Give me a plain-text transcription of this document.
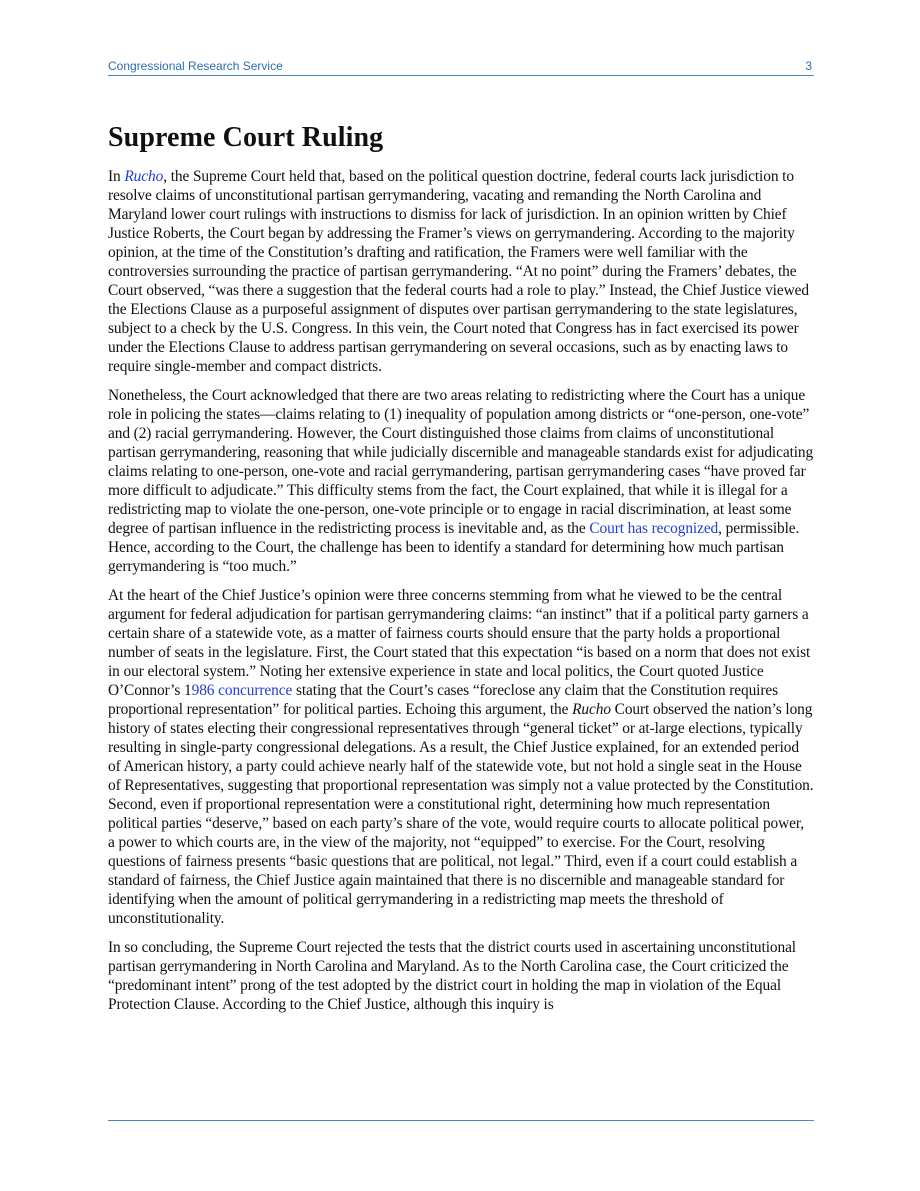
Congressional Research Service	3
Supreme Court Ruling

In Rucho, the Supreme Court held that, based on the political question doctrine, federal courts lack jurisdiction to resolve claims of unconstitutional partisan gerrymandering, vacating and remanding the North Carolina and Maryland lower court rulings with instructions to dismiss for lack of jurisdiction. In an opinion written by Chief Justice Roberts, the Court began by addressing the Framer’s views on gerrymandering. According to the majority opinion, at the time of the Constitution’s drafting and ratification, the Framers were well familiar with the controversies surrounding the practice of partisan gerrymandering. “At no point” during the Framers’ debates, the Court observed, “was there a suggestion that the federal courts had a role to play.” Instead, the Chief Justice viewed the Elections Clause as a purposeful assignment of disputes over partisan gerrymandering to the state legislatures, subject to a check by the U.S. Congress. In this vein, the Court noted that Congress has in fact exercised its power under the Elections Clause to address partisan gerrymandering on several occasions, such as by enacting laws to require single-member and compact districts.

Nonetheless, the Court acknowledged that there are two areas relating to redistricting where the Court has a unique role in policing the states—claims relating to (1) inequality of population among districts or “one-person, one-vote” and (2) racial gerrymandering. However, the Court distinguished those claims from claims of unconstitutional partisan gerrymandering, reasoning that while judicially discernible and manageable standards exist for adjudicating claims relating to one-person, one-vote and racial gerrymandering, partisan gerrymandering cases “have proved far more difficult to adjudicate.” This difficulty stems from the fact, the Court explained, that while it is illegal for a redistricting map to violate the one-person, one-vote principle or to engage in racial discrimination, at least some degree of partisan influence in the redistricting process is inevitable and, as the Court has recognized, permissible. Hence, according to the Court, the challenge has been to identify a standard for determining how much partisan gerrymandering is “too much.”

At the heart of the Chief Justice’s opinion were three concerns stemming from what he viewed to be the central argument for federal adjudication for partisan gerrymandering claims: “an instinct” that if a political party garners a certain share of a statewide vote, as a matter of fairness courts should ensure that the party holds a proportional number of seats in the legislature. First, the Court stated that this expectation “is based on a norm that does not exist in our electoral system.” Noting her extensive experience in state and local politics, the Court quoted Justice O’Connor’s 1986 concurrence stating that the Court’s cases “foreclose any claim that the Constitution requires proportional representation” for political parties. Echoing this argument, the Rucho Court observed the nation’s long history of states electing their congressional representatives through “general ticket” or at-large elections, typically resulting in single-party congressional delegations. As a result, the Chief Justice explained, for an extended period of American history, a party could achieve nearly half of the statewide vote, but not hold a single seat in the House of Representatives, suggesting that proportional representation was simply not a value protected by the Constitution. Second, even if proportional representation were a constitutional right, determining how much representation political parties “deserve,” based on each party’s share of the vote, would require courts to allocate political power, a power to which courts are, in the view of the majority, not “equipped” to exercise. For the Court, resolving questions of fairness presents “basic questions that are political, not legal.” Third, even if a court could establish a standard of fairness, the Chief Justice again maintained that there is no discernible and manageable standard for identifying when the amount of political gerrymandering in a redistricting map meets the threshold of unconstitutionality.

In so concluding, the Supreme Court rejected the tests that the district courts used in ascertaining unconstitutional partisan gerrymandering in North Carolina and Maryland. As to the North Carolina case, the Court criticized the “predominant intent” prong of the test adopted by the district court in holding the map in violation of the Equal Protection Clause. According to the Chief Justice, although this inquiry is
